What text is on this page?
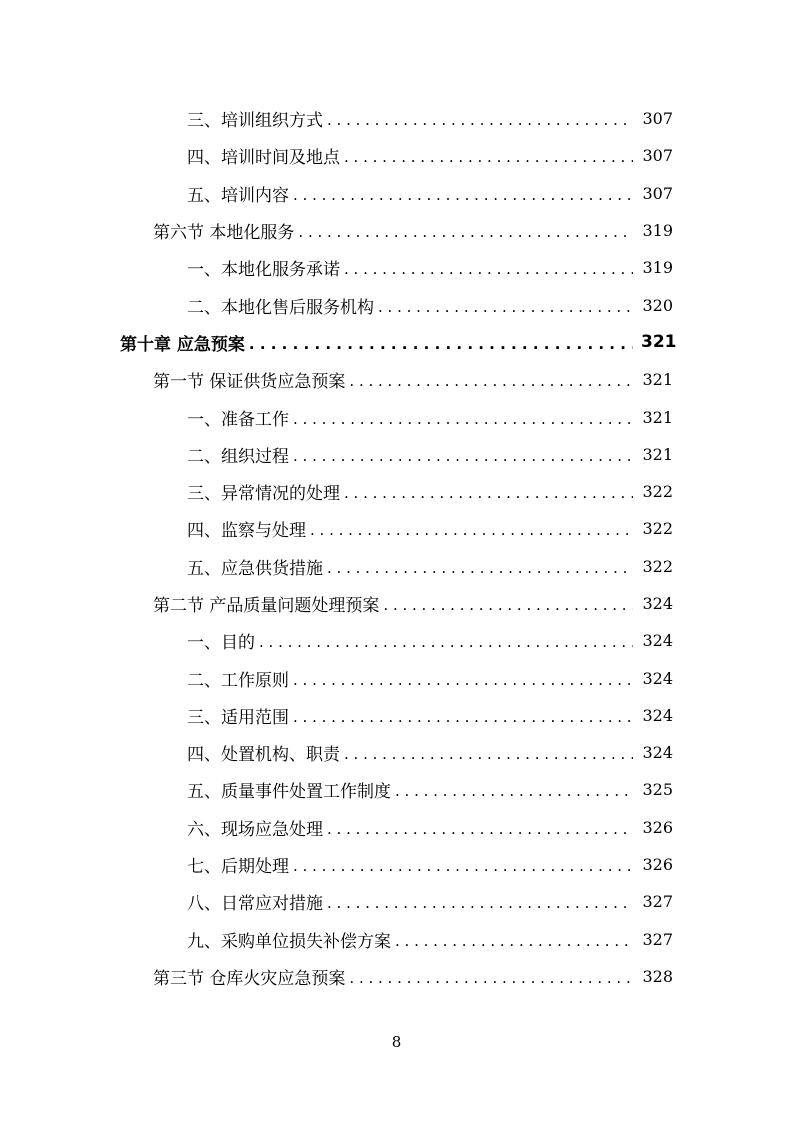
三、培训组织方式 . . .	307
四、培训时间及地点 . . .	307
五、培训内容 . . .	307
第六节 本地化服务 . . .	319
一、本地化服务承诺 . . .	319
二、本地化售后服务机构 . . .	320
第十章 应急预案 . . .	321
第一节 保证供货应急预案 . . .	321
一、准备工作 . . .	321
二、组织过程 . . .	321
三、异常情况的处理 . . .	322
四、监察与处理 . . .	322
五、应急供货措施 . . .	322
第二节 产品质量问题处理预案 . . .	324
一、目的 . . .	324
二、工作原则 . . .	324
三、适用范围 . . .	324
四、处置机构、职责 . . .	324
五、质量事件处置工作制度 . . .	325
六、现场应急处理 . . .	326
七、后期处理 . . .	326
八、日常应对措施 . . .	327
九、采购单位损失补偿方案 . . .	327
第三节 仓库火灾应急预案 . . .	328
8
